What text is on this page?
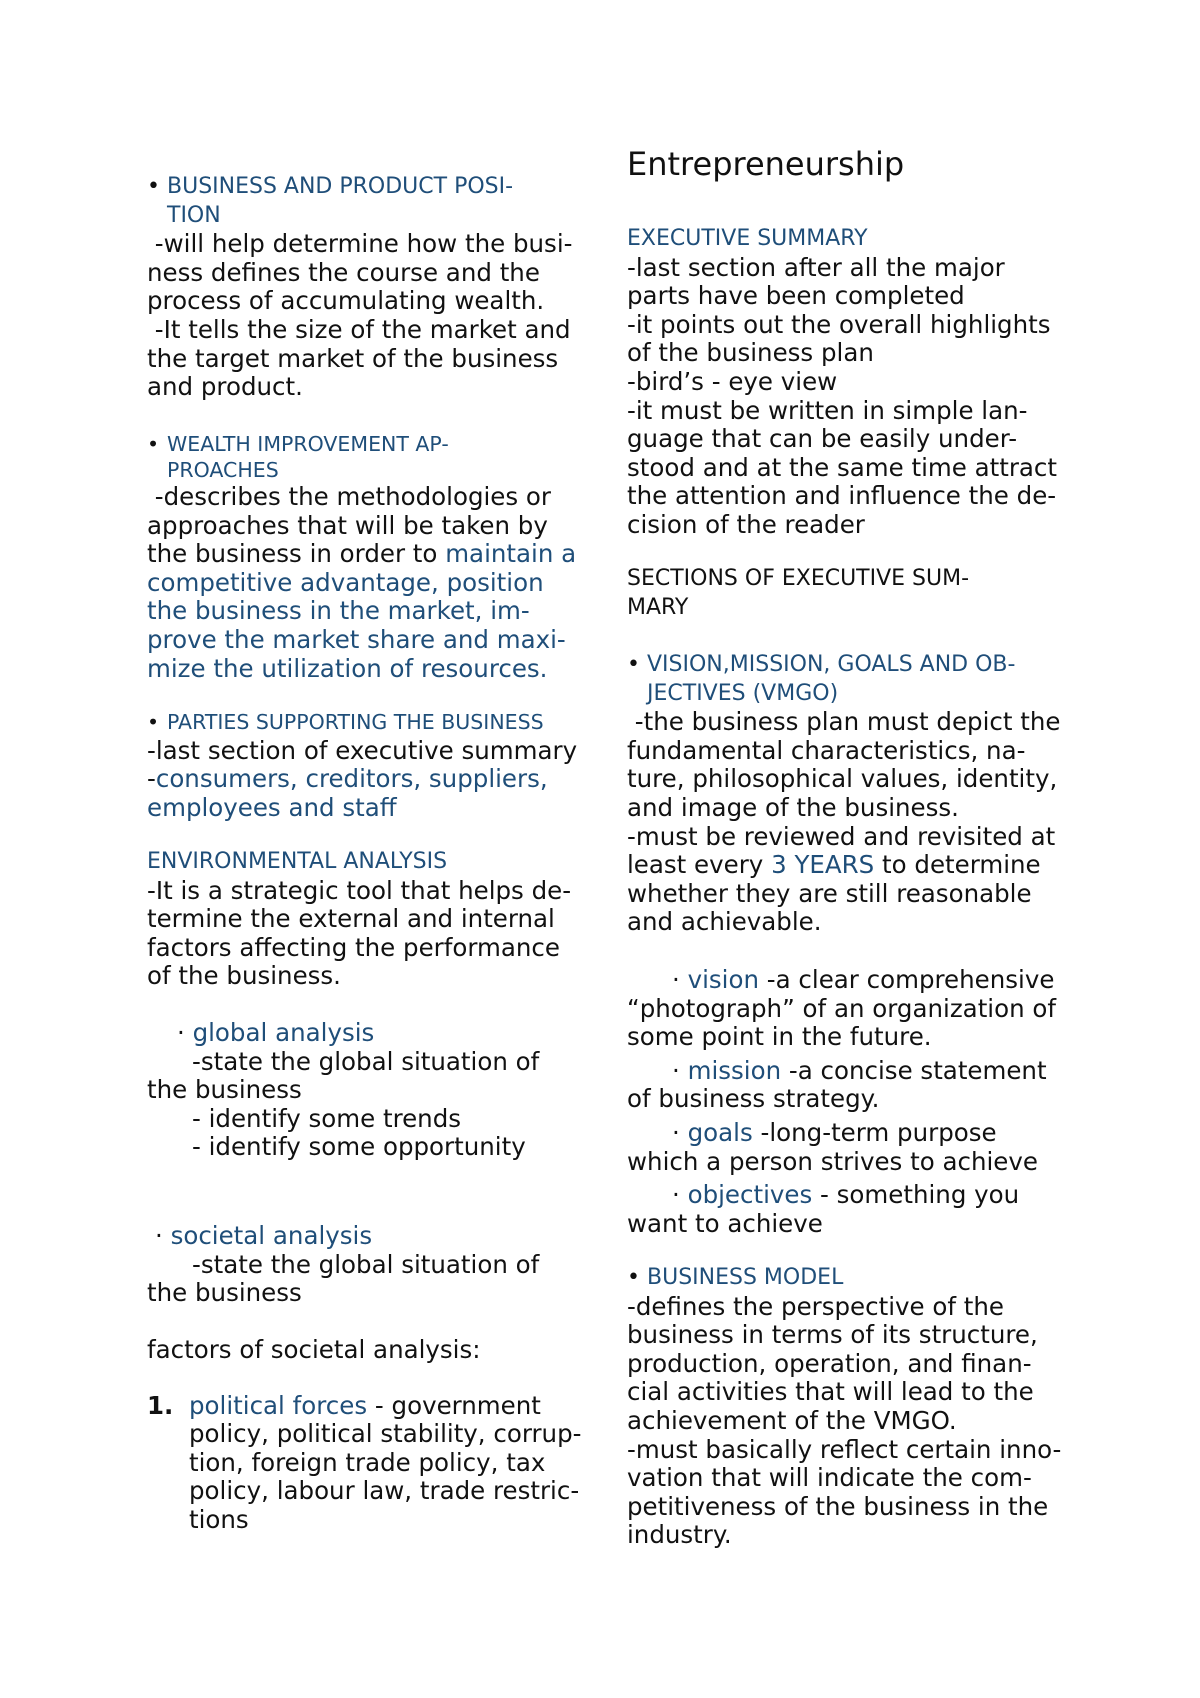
• BUSINESS AND PRODUCT POSI-
TION

-will help determine how the busi-

ness defines the course and the

process of accumulating wealth.

-It tells the size of the market and

the target market of the business

and product.

• WEALTH IMPROVEMENT AP-
PROACHES

-describes the methodologies or

approaches that will be taken by

the business in order to maintain a

competitive advantage, position

the business in the market, im-

prove the market share and maxi-

mize the utilization of resources.

• PARTIES SUPPORTING THE BUSINESS

-last section of executive summary

-consumers, creditors, suppliers,

employees and staff

ENVIRONMENTAL ANALYSIS

-It is a strategic tool that helps de-

termine the external and internal

factors affecting the performance

of the business.

· global analysis

-state the global situation of

the business

- identify some trends

- identify some opportunity

· societal analysis

-state the global situation of

the business

factors of societal analysis:

1. political forces - government
policy, political stability, corrup-
tion, foreign trade policy, tax
policy, labour law, trade restric-
tions

Entrepreneurship

EXECUTIVE SUMMARY

-last section after all the major

parts have been completed

-it points out the overall highlights

of the business plan

-bird’s - eye view

-it must be written in simple lan-

guage that can be easily under-

stood and at the same time attract

the attention and influence the de-

cision of the reader

SECTIONS OF EXECUTIVE SUM-

MARY

• VISION,MISSION, GOALS AND OB-
JECTIVES (VMGO)

-the business plan must depict the

fundamental characteristics, na-

ture, philosophical values, identity,

and image of the business.

-must be reviewed and revisited at

least every 3 YEARS to determine

whether they are still reasonable

and achievable.

· vision -a clear comprehensive

“photograph” of an organization of

some point in the future.

· mission -a concise statement

of business strategy.

· goals -long-term purpose

which a person strives to achieve

· objectives - something you

want to achieve

• BUSINESS MODEL

-defines the perspective of the

business in terms of its structure,

production, operation, and finan-

cial activities that will lead to the

achievement of the VMGO.

-must basically reflect certain inno-

vation that will indicate the com-

petitiveness of the business in the

industry.
